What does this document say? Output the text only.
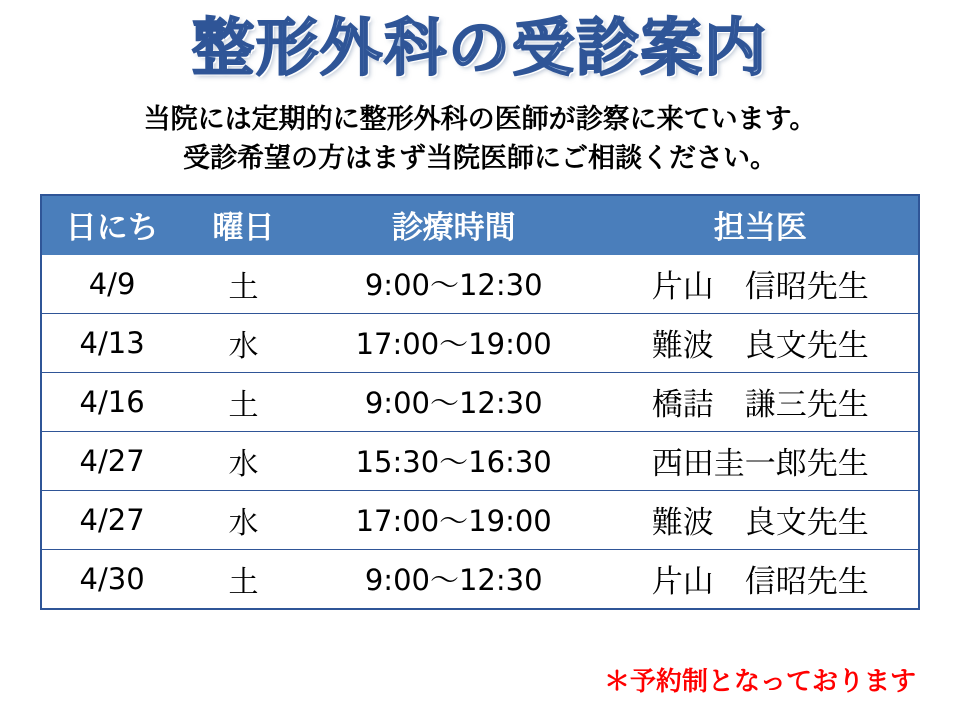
整形外科の受診案内
当院には定期的に整形外科の医師が診察に来ています。
受診希望の方はまず当院医師にご相談ください。
日にち	曜日	診療時間	担当医
4/9	土	9:00〜12:30	片山　信昭先生
4/13	水	17:00〜19:00	難波　良文先生
4/16	土	9:00〜12:30	橋詰　謙三先生
4/27	水	15:30〜16:30	西田圭一郎先生
4/27	水	17:00〜19:00	難波　良文先生
4/30	土	9:00〜12:30	片山　信昭先生
＊予約制となっております
